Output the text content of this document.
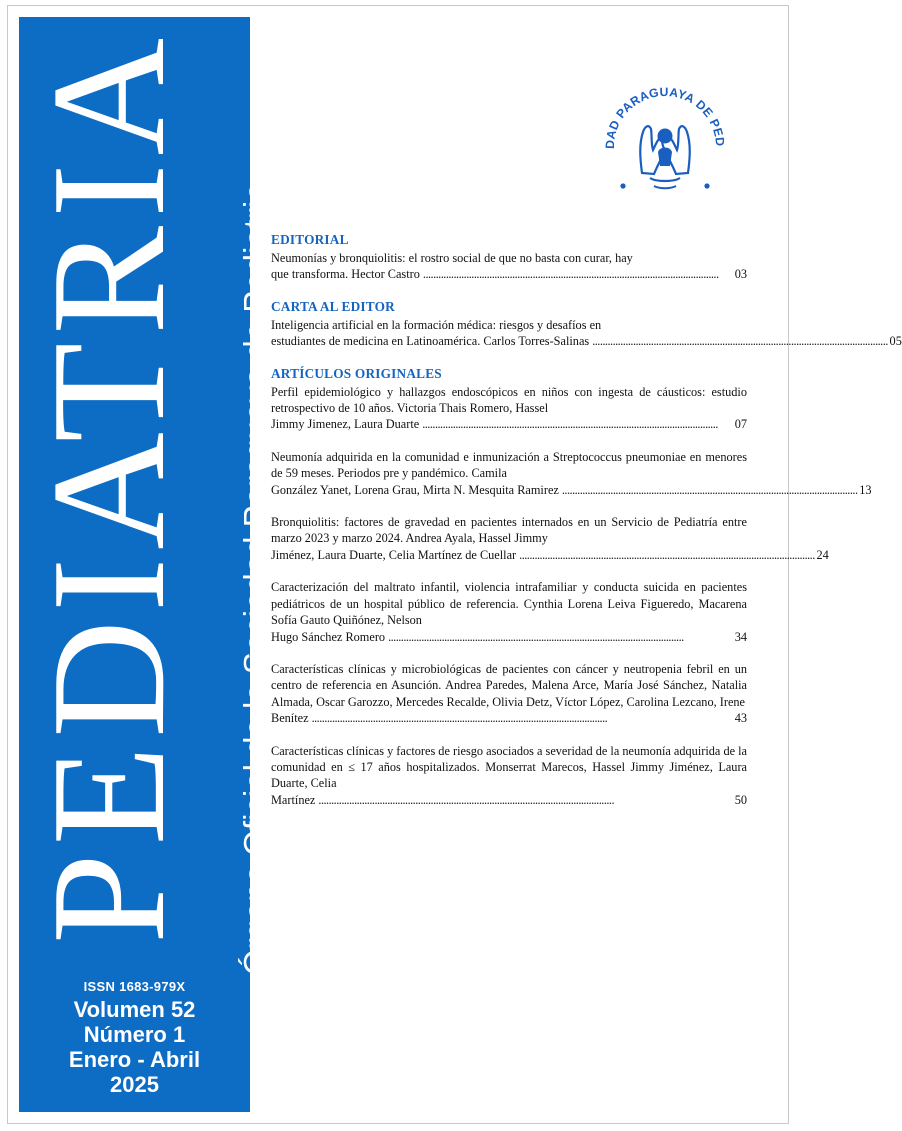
PEDIATRIA Órgano Oficial de la Sociedad Paraguaya de Pediatria
ISSN 1683-979X
Volumen 52
Número 1
Enero - Abril
2025
DAD PARAGUAYA DE PED
EDITORIAL
Neumonías y bronquiolitis: el rostro social de que no basta con curar, hay
que transforma. Hector Castro . . .	03
CARTA AL EDITOR
Inteligencia artificial en la formación médica: riesgos y desafíos en
estudiantes de medicina en Latinoamérica. Carlos Torres-Salinas . . .	05
ARTÍCULOS ORIGINALES
Perfil epidemiológico y hallazgos endoscópicos en niños con ingesta de cáusticos: estudio retrospectivo de 10 años. Victoria Thais Romero, Hassel
Jimmy Jimenez, Laura Duarte . . .	07
Neumonía adquirida en la comunidad e inmunización a Streptococcus pneumoniae en menores de 59 meses. Periodos pre y pandémico. Camila
González Yanet, Lorena Grau, Mirta N. Mesquita Ramirez . . .	13
Bronquiolitis: factores de gravedad en pacientes internados en un Servicio de Pediatría entre marzo 2023 y marzo 2024. Andrea Ayala, Hassel Jimmy
Jiménez, Laura Duarte, Celia Martínez de Cuellar . . .	24
Caracterización del maltrato infantil, violencia intrafamiliar y conducta suicida en pacientes pediátricos de un hospital público de referencia. Cynthia Lorena Leiva Figueredo, Macarena Sofía Gauto Quiñónez, Nelson
Hugo Sánchez Romero . . .	34
Características clínicas y microbiológicas de pacientes con cáncer y neutropenia febril en un centro de referencia en Asunción. Andrea Paredes, Malena Arce, María José Sánchez, Natalia Almada, Oscar Garozzo, Mercedes Recalde, Olivia Detz, Víctor López, Carolina Lezcano, Irene
Benítez . . .	43
Características clínicas y factores de riesgo asociados a severidad de la neumonía adquirida de la comunidad en ≤ 17 años hospitalizados. Monserrat Marecos, Hassel Jimmy Jiménez, Laura Duarte, Celia
Martínez . . .	50
